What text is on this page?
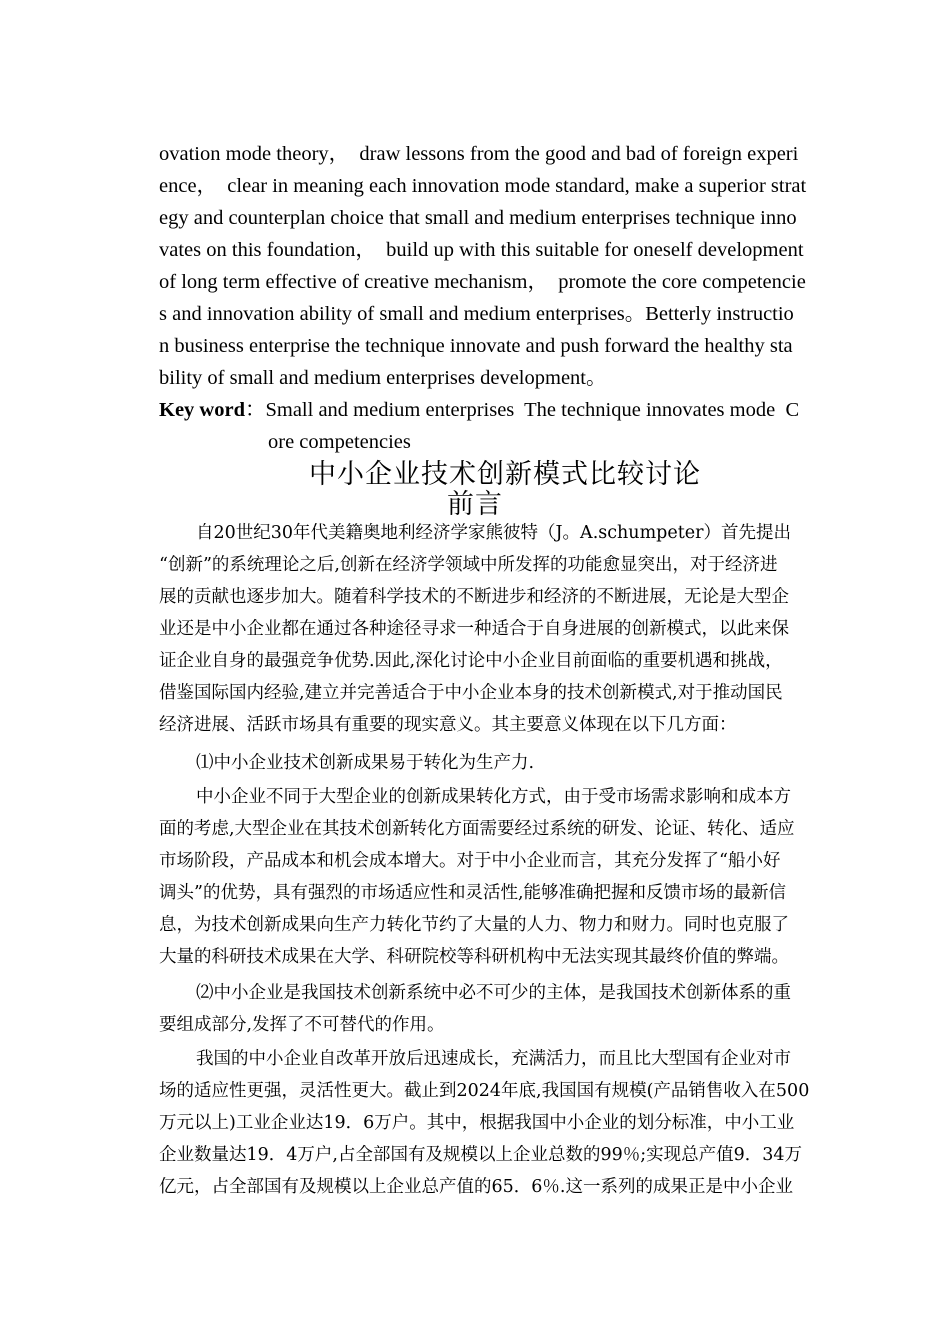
ovation mode theory，  draw lessons from the good and bad of foreign experi
ence，  clear in meaning each innovation mode standard, make a superior strat
egy and counterplan choice that small and medium enterprises technique inno
vates on this foundation，  build up with this suitable for oneself development
of long term effective of creative mechanism，  promote the core competencie
s and innovation ability of small and medium enterprises。Betterly instructio
n business enterprise the technique innovate and push forward the healthy sta
bility of small and medium enterprises development。
Key word：Small and medium enterprises  The technique innovates mode  C
ore competencies
中小企业技术创新模式比较讨论
前言
自20世纪30年代美籍奥地利经济学家熊彼特（J。A.schumpeter）首先提出
“创新”的系统理论之后,创新在经济学领域中所发挥的功能愈显突出，对于经济进
展的贡献也逐步加大。随着科学技术的不断进步和经济的不断进展，无论是大型企
业还是中小企业都在通过各种途径寻求一种适合于自身进展的创新模式，以此来保
证企业自身的最强竞争优势.因此,深化讨论中小企业目前面临的重要机遇和挑战，
借鉴国际国内经验,建立并完善适合于中小企业本身的技术创新模式,对于推动国民
经济进展、活跃市场具有重要的现实意义。其主要意义体现在以下几方面：
⑴中小企业技术创新成果易于转化为生产力.
中小企业不同于大型企业的创新成果转化方式，由于受市场需求影响和成本方
面的考虑,大型企业在其技术创新转化方面需要经过系统的研发、论证、转化、适应
市场阶段，产品成本和机会成本增大。对于中小企业而言，其充分发挥了“船小好
调头”的优势，具有强烈的市场适应性和灵活性,能够准确把握和反馈市场的最新信
息，为技术创新成果向生产力转化节约了大量的人力、物力和财力。同时也克服了
大量的科研技术成果在大学、科研院校等科研机构中无法实现其最终价值的弊端。
⑵中小企业是我国技术创新系统中必不可少的主体，是我国技术创新体系的重
要组成部分,发挥了不可替代的作用。
我国的中小企业自改革开放后迅速成长，充满活力，而且比大型国有企业对市
场的适应性更强，灵活性更大。截止到2024年底,我国国有规模(产品销售收入在500
万元以上)工业企业达19．6万户。其中，根据我国中小企业的划分标准，中小工业
企业数量达19．4万户,占全部国有及规模以上企业总数的99％;实现总产值9．34万
亿元，占全部国有及规模以上企业总产值的65．6％.这一系列的成果正是中小企业
